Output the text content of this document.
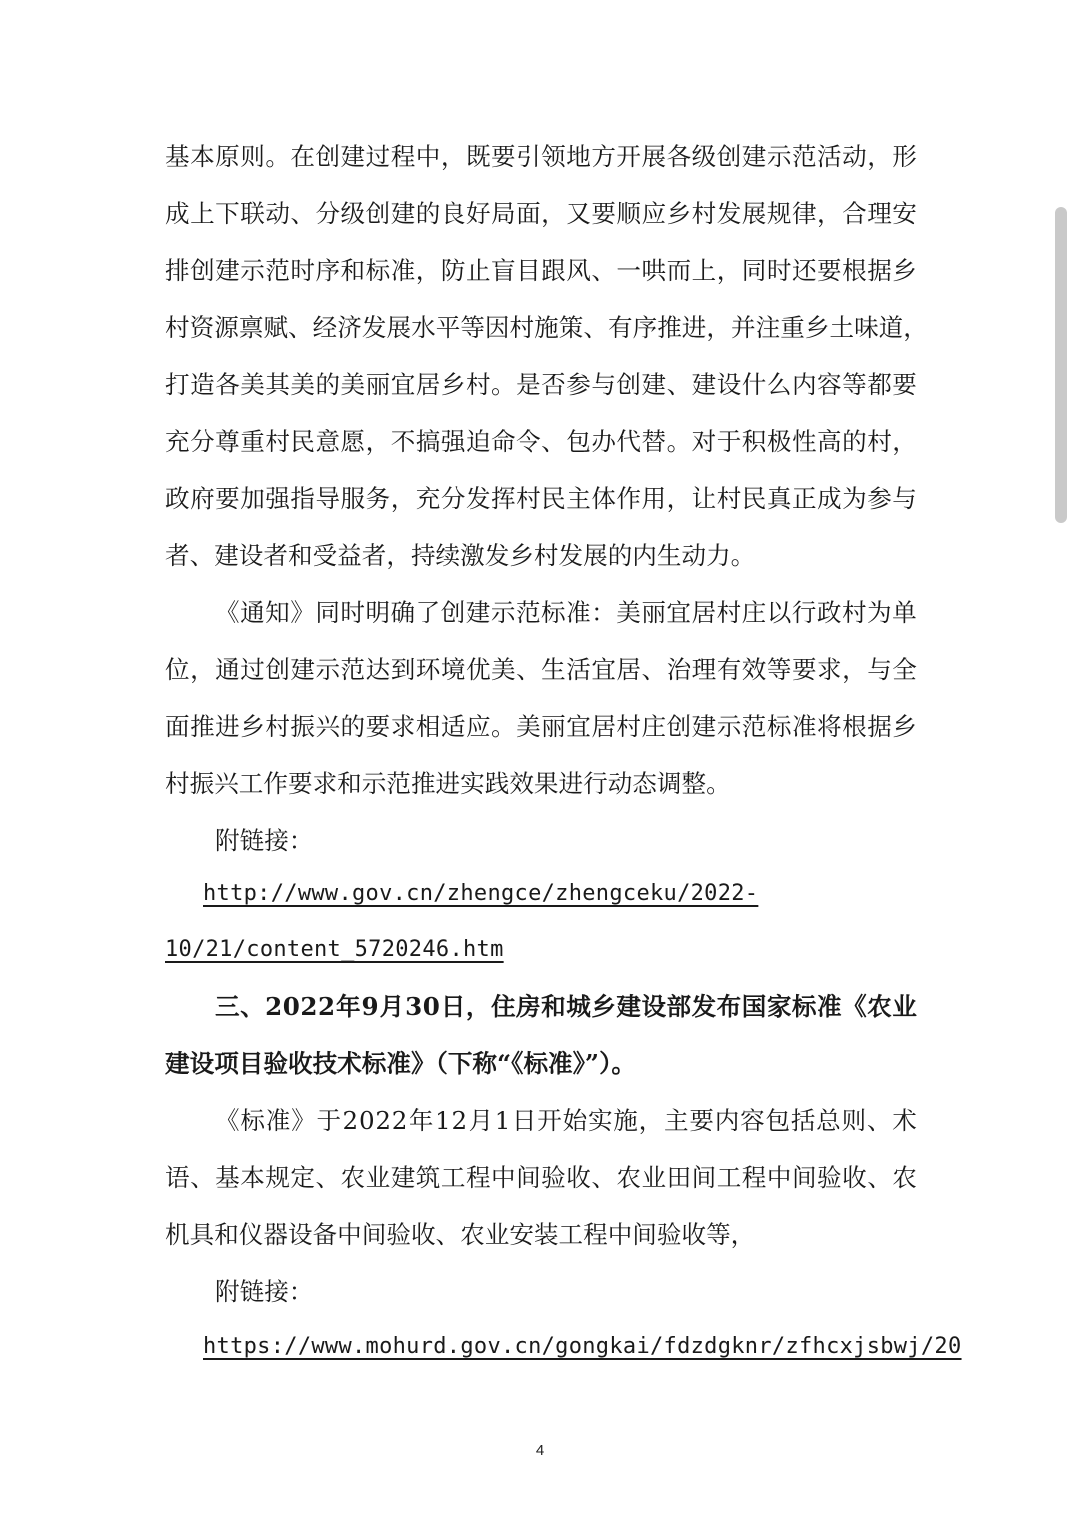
基 本 原 则 。 在 创 建 过 程 中 ， 既 要 引 领 地 方 开 展 各 级 创 建 示 范 活 动 ， 形
成 上 下 联 动 、 分 级 创 建 的 良 好 局 面 ， 又 要 顺 应 乡 村 发 展 规 律 ， 合 理 安
排 创 建 示 范 时 序 和 标 准 ， 防 止 盲 目 跟 风 、 一 哄 而 上 ， 同 时 还 要 根 据 乡
村 资 源 禀 赋 、 经 济 发 展 水 平 等 因 村 施 策 、 有 序 推 进 ， 并 注 重 乡 土 味 道 ，
打 造 各 美 其 美 的 美 丽 宜 居 乡 村 。 是 否 参 与 创 建 、 建 设 什 么 内 容 等 都 要
充 分 尊 重 村 民 意 愿 ， 不 搞 强 迫 命 令 、 包 办 代 替 。 对 于 积 极 性 高 的 村 ，
政 府 要 加 强 指 导 服 务 ， 充 分 发 挥 村 民 主 体 作 用 ， 让 村 民 真 正 成 为 参 与
者、建设者和受益者，持续激发乡村发展的内生动力。
《 通 知 》 同 时 明 确 了 创 建 示 范 标 准 ： 美 丽 宜 居 村 庄 以 行 政 村 为 单
位 ， 通 过 创 建 示 范 达 到 环 境 优 美 、 生 活 宜 居 、 治 理 有 效 等 要 求 ， 与 全
面 推 进 乡 村 振 兴 的 要 求 相 适 应 。 美 丽 宜 居 村 庄 创 建 示 范 标 准 将 根 据 乡
村振兴工作要求和示范推进实践效果进行动态调整。
附链接：
http://www.gov.cn/zhengce/zhengceku/2022-
10/21/content_5720246.htm
三 、 2 0 2 2 年 9 月 3 0 日 ， 住 房 和 城 乡 建 设 部 发 布 国 家 标 准 《 农 业
建设项目验收技术标准》（下称“《标准》”）。
《 标 准 》 于 2 0 2 2 年 1 2 月 1 日 开 始 实 施 ， 主 要 内 容 包 括 总 则 、 术
语 、 基 本 规 定 、 农 业 建 筑 工 程 中 间 验 收 、 农 业 田 间 工 程 中 间 验 收 、 农
机具和仪器设备中间验收、农业安装工程中间验收等，
附链接：
https://www.mohurd.gov.cn/gongkai/fdzdgknr/zfhcxjsbwj/20
4
